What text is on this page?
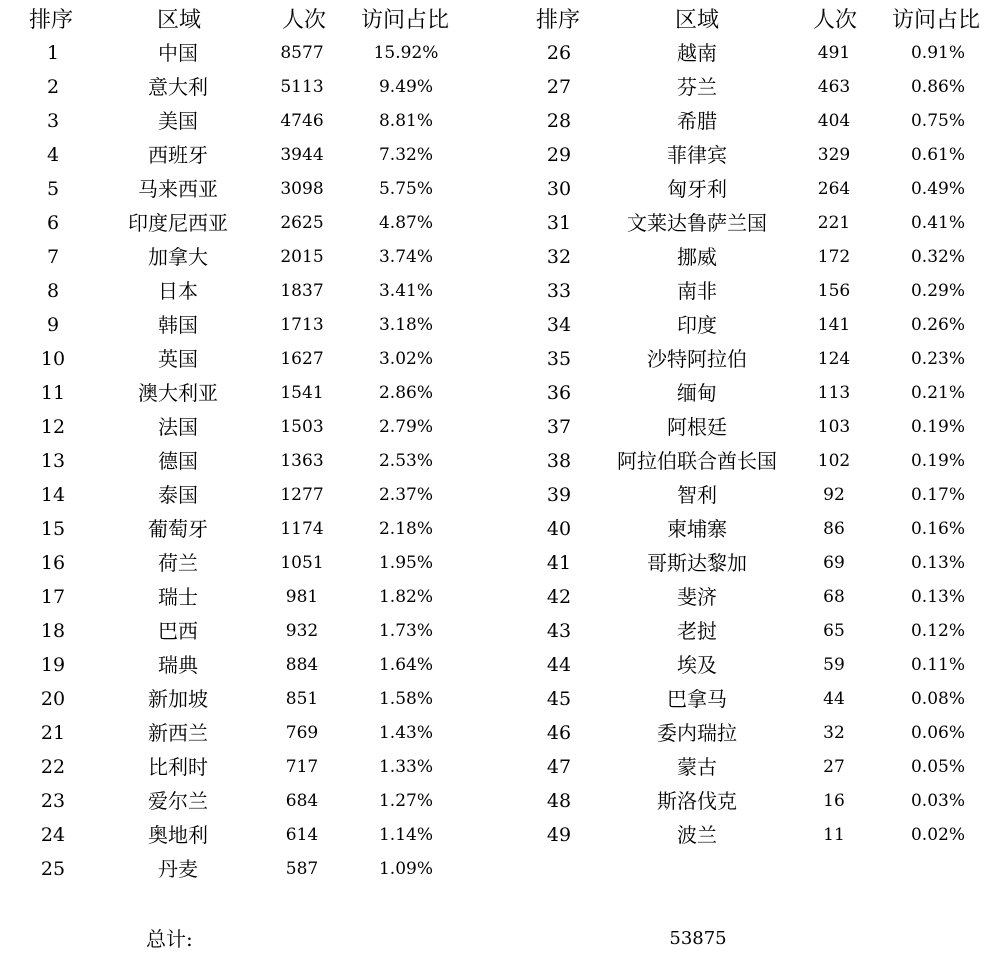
排序	区域	人次 访问占比	排序	区域	人次 访问占比
1	中国	8577	15.92%
2	意大利	5113	9.49%
3	美国	4746	8.81%
4	西班牙	3944	7.32%
5	马来西亚	3098	5.75%
6	印度尼西亚	2625	4.87%
7	加拿大	2015	3.74%
8	日本	1837	3.41%
9	韩国	1713	3.18%
10	英国	1627	3.02%
11	澳大利亚	1541	2.86%
12	法国	1503	2.79%
13	德国	1363	2.53%
14	泰国	1277	2.37%
15	葡萄牙	1174	2.18%
16	荷兰	1051	1.95%
17	瑞士	981	1.82%
18	巴西	932	1.73%
19	瑞典	884	1.64%
20	新加坡	851	1.58%
21	新西兰	769	1.43%
22	比利时	717	1.33%
23	爱尔兰	684	1.27%
24	奥地利	614	1.14%
25	丹麦	587	1.09%
26	越南	491	0.91%
27	芬兰	463	0.86%
28	希腊	404	0.75%
29	菲律宾	329	0.61%
30	匈牙利	264	0.49%
31	文莱达鲁萨兰国	221	0.41%
32	挪威	172	0.32%
33	南非	156	0.29%
34	印度	141	0.26%
35	沙特阿拉伯	124	0.23%
36	缅甸	113	0.21%
37	阿根廷	103	0.19%
38 阿拉伯联合酋长国 102	0.19%
39	智利	92	0.17%
40	柬埔寨	86	0.16%
41	哥斯达黎加	69	0.13%
42	斐济	68	0.13%
43	老挝	65	0.12%
44	埃及	59	0.11%
45	巴拿马	44	0.08%
46	委内瑞拉	32	0.06%
47	蒙古	27	0.05%
48	斯洛伐克	16	0.03%
49	波兰	11	0.02%
总计:	53875
